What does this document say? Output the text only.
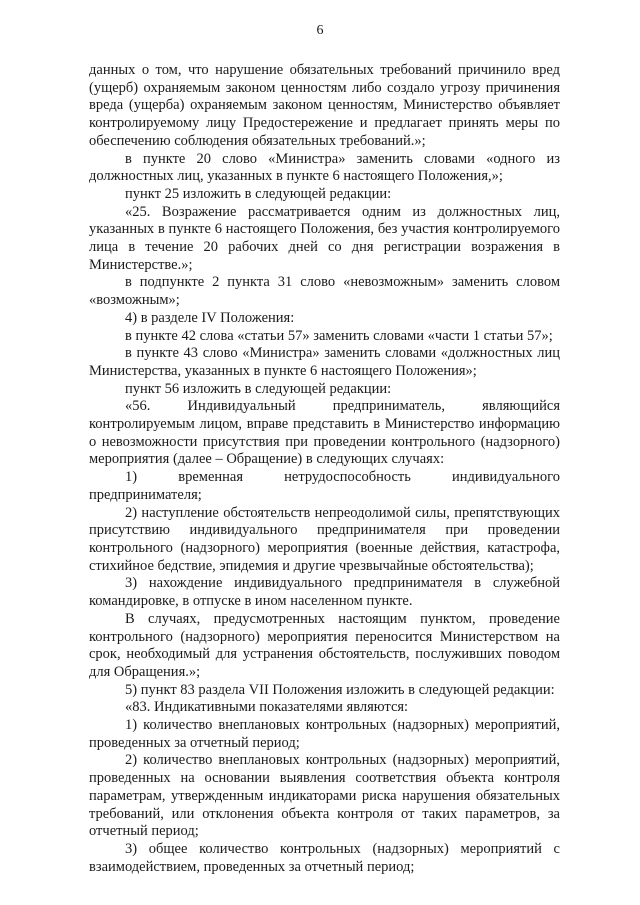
6

данных о том, что нарушение обязательных требований причинило вред (ущерб) охраняемым законом ценностям либо создало угрозу причинения вреда (ущерба) охраняемым законом ценностям, Министерство объявляет контролируемому лицу Предостережение и предлагает принять меры по обеспечению соблюдения обязательных требований.»;

в пункте 20 слово «Министра» заменить словами «одного из должностных лиц, указанных в пункте 6 настоящего Положения,»;

пункт 25 изложить в следующей редакции:

«25. Возражение рассматривается одним из должностных лиц, указанных в пункте 6 настоящего Положения, без участия контролируемого лица в течение 20 рабочих дней со дня регистрации возражения в Министерстве.»;

в подпункте 2 пункта 31 слово «невозможным» заменить словом «возможным»;

4) в разделе IV Положения:

в пункте 42 слова «статьи 57» заменить словами «части 1 статьи 57»;

в пункте 43 слово «Министра» заменить словами «должностных лиц Министерства, указанных в пункте 6 настоящего Положения»;

пункт 56 изложить в следующей редакции:

«56. Индивидуальный предприниматель, являющийся контролируемым лицом, вправе представить в Министерство информацию о невозможности присутствия при проведении контрольного (надзорного) мероприятия (далее – Обращение) в следующих случаях:

1) временная нетрудоспособность индивидуального предпринимателя;

2) наступление обстоятельств непреодолимой силы, препятствующих присутствию индивидуального предпринимателя при проведении контрольного (надзорного) мероприятия (военные действия, катастрофа, стихийное бедствие, эпидемия и другие чрезвычайные обстоятельства);

3) нахождение индивидуального предпринимателя в служебной командировке, в отпуске в ином населенном пункте.

В случаях, предусмотренных настоящим пунктом, проведение контрольного (надзорного) мероприятия переносится Министерством на срок, необходимый для устранения обстоятельств, послуживших поводом для Обращения.»;

5) пункт 83 раздела VII Положения изложить в следующей редакции:

«83. Индикативными показателями являются:

1) количество внеплановых контрольных (надзорных) мероприятий, проведенных за отчетный период;

2) количество внеплановых контрольных (надзорных) мероприятий, проведенных на основании выявления соответствия объекта контроля параметрам, утвержденным индикаторами риска нарушения обязательных требований, или отклонения объекта контроля от таких параметров, за отчетный период;

3) общее количество контрольных (надзорных) мероприятий с взаимодействием, проведенных за отчетный период;
